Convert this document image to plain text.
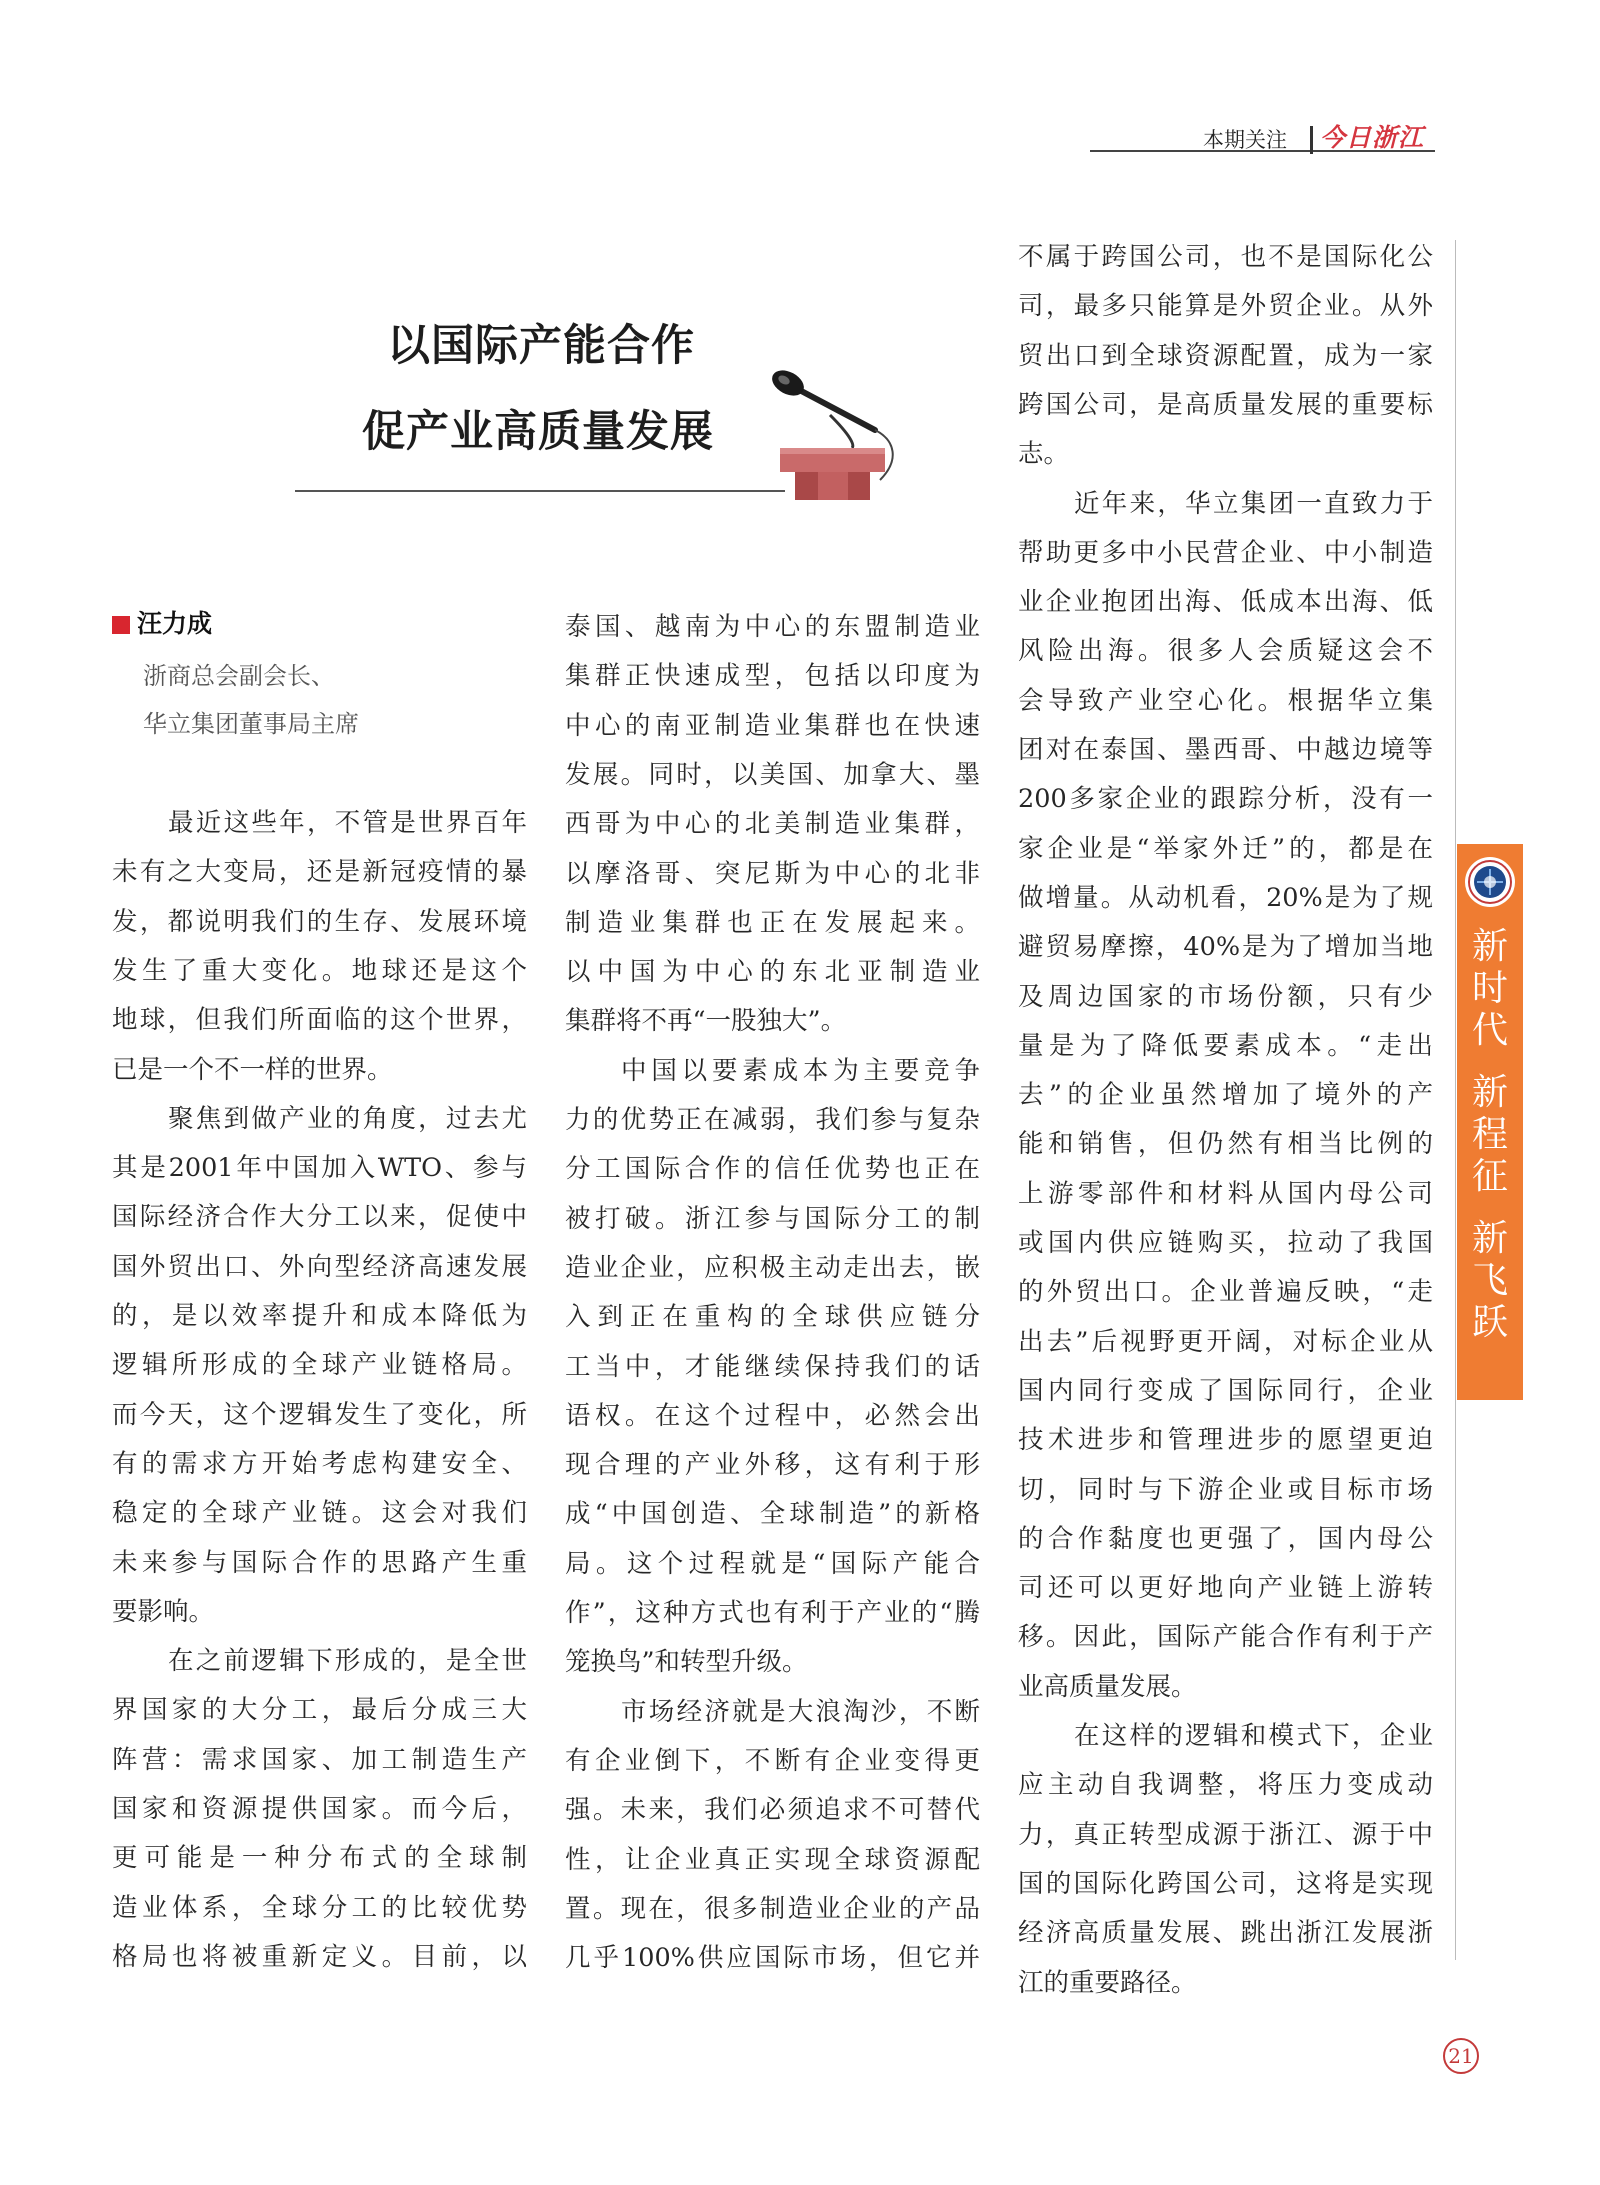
本期关注 今日浙江
以国际产能合作
促产业高质量发展
汪力成
浙商总会副会长、
华立集团董事局主席
最近这些年，不管是世界百年
未有之大变局，还是新冠疫情的暴
发，都说明我们的生存、发展环境
发生了重大变化。地球还是这个
地球，但我们所面临的这个世界，
已是一个不一样的世界。
聚焦到做产业的角度，过去尤
其是2001年中国加入WTO、参与
国际经济合作大分工以来，促使中
国外贸出口、外向型经济高速发展
的，是以效率提升和成本降低为
逻辑所形成的全球产业链格局。
而今天，这个逻辑发生了变化，所
有的需求方开始考虑构建安全、
稳定的全球产业链。这会对我们
未来参与国际合作的思路产生重
要影响。
在之前逻辑下形成的，是全世
界国家的大分工，最后分成三大
阵营：需求国家、加工制造生产
国家和资源提供国家。而今后，
更可能是一种分布式的全球制
造业体系，全球分工的比较优势
格局也将被重新定义。目前，以
泰国、越南为中心的东盟制造业
集群正快速成型，包括以印度为
中心的南亚制造业集群也在快速
发展。同时，以美国、加拿大、墨
西哥为中心的北美制造业集群，
以摩洛哥、突尼斯为中心的北非
制造业集群也正在发展起来。
以中国为中心的东北亚制造业
集群将不再“一股独大”。
中国以要素成本为主要竞争
力的优势正在减弱，我们参与复杂
分工国际合作的信任优势也正在
被打破。浙江参与国际分工的制
造业企业，应积极主动走出去，嵌
入到正在重构的全球供应链分
工当中，才能继续保持我们的话
语权。在这个过程中，必然会出
现合理的产业外移，这有利于形
成“中国创造、全球制造”的新格
局。这个过程就是“国际产能合
作”，这种方式也有利于产业的“腾
笼换鸟”和转型升级。
市场经济就是大浪淘沙，不断
有企业倒下，不断有企业变得更
强。未来，我们必须追求不可替代
性，让企业真正实现全球资源配
置。现在，很多制造业企业的产品
几乎100%供应国际市场，但它并
不属于跨国公司，也不是国际化公
司，最多只能算是外贸企业。从外
贸出口到全球资源配置，成为一家
跨国公司，是高质量发展的重要标
志。
近年来，华立集团一直致力于
帮助更多中小民营企业、中小制造
业企业抱团出海、低成本出海、低
风险出海。很多人会质疑这会不
会导致产业空心化。根据华立集
团对在泰国、墨西哥、中越边境等
200多家企业的跟踪分析，没有一
家企业是“举家外迁”的，都是在
做增量。从动机看，20%是为了规
避贸易摩擦，40%是为了增加当地
及周边国家的市场份额，只有少
量是为了降低要素成本。“走出
去”的企业虽然增加了境外的产
能和销售，但仍然有相当比例的
上游零部件和材料从国内母公司
或国内供应链购买，拉动了我国
的外贸出口。企业普遍反映，“走
出去”后视野更开阔，对标企业从
国内同行变成了国际同行，企业
技术进步和管理进步的愿望更迫
切，同时与下游企业或目标市场
的合作黏度也更强了，国内母公
司还可以更好地向产业链上游转
移。因此，国际产能合作有利于产
业高质量发展。
在这样的逻辑和模式下，企业
应主动自我调整，将压力变成动
力，真正转型成源于浙江、源于中
国的国际化跨国公司，这将是实现
经济高质量发展、跳出浙江发展浙
江的重要路径。
新
时
代
新
程
征
新
飞
跃
21
